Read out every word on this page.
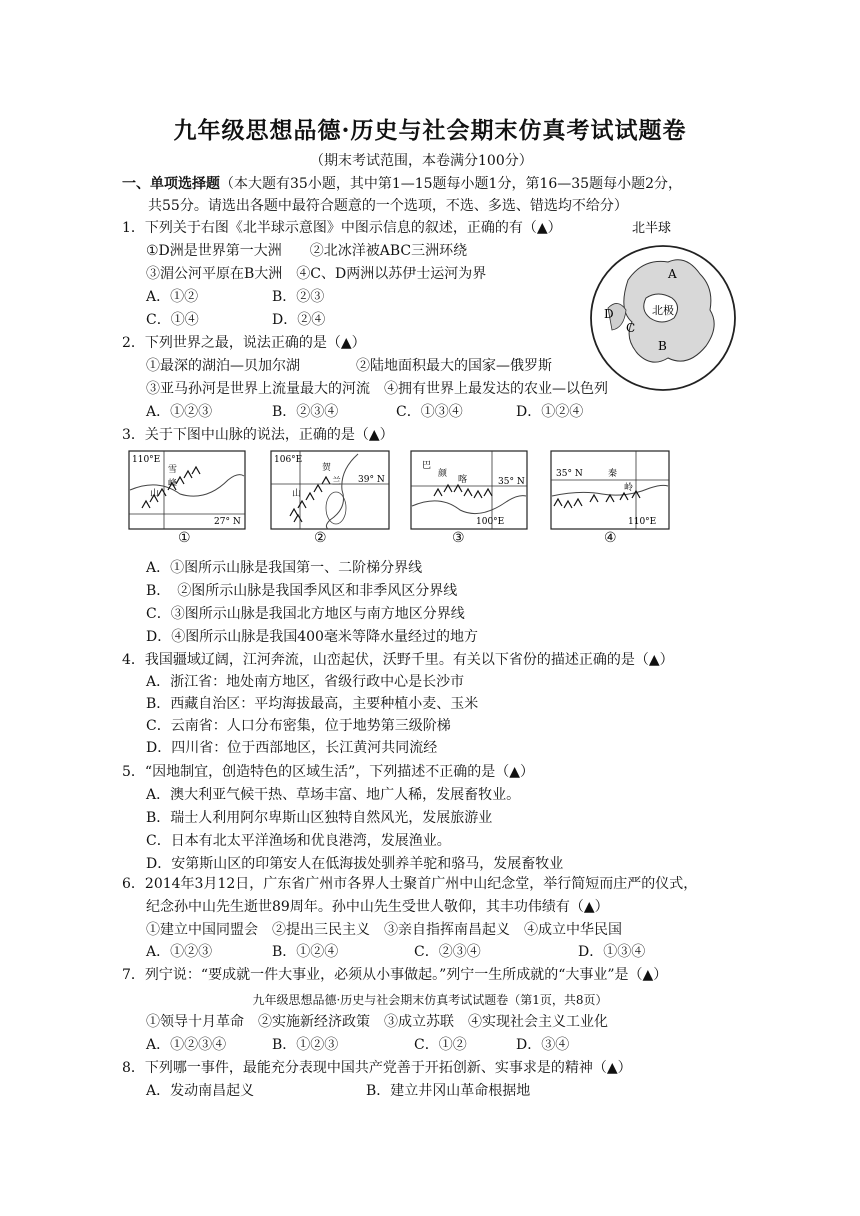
九年级思想品德·历史与社会期末仿真考试试题卷
（期末考试范围，本卷满分100分）
一、单项选择题（本大题有35小题，其中第1—15题每小题1分，第16—35题每小题2分，
共55分。请选出各题中最符合题意的一个选项，不选、多选、错选均不给分）
1．下列关于右图《北半球示意图》中图示信息的叙述，正确的有（▲）
①D洲是世界第一大洲　　②北冰洋被ABC三洲环绕
③湄公河平原在B大洲　④C、D两洲以苏伊士运河为界
A．①②	B．②③
C．①④	D．②④
北半球
A
B
C
D	北极
2．下列世界之最，说法正确的是（▲）
①最深的湖泊—贝加尔湖　　　　②陆地面积最大的国家—俄罗斯
③亚马孙河是世界上流量最大的河流　④拥有世界上最发达的农业—以色列
A．①②③	B．②③④	C．①③④	D．①②④
3．关于下图中山脉的说法，正确的是（▲）
110°E
27° N
雪
峰
山
①
106°E
39° N
贺
兰
山
②
100°E
35° N
巴
颜
喀
③
110°E
35° N	秦
岭
④
A．①图所示山脉是我国第一、二阶梯分界线
B．　②图所示山脉是我国季风区和非季风区分界线
C．③图所示山脉是我国北方地区与南方地区分界线
D．④图所示山脉是我国400毫米等降水量经过的地方
4．我国疆域辽阔，江河奔流，山峦起伏，沃野千里。有关以下省份的描述正确的是（▲）
A．浙江省：地处南方地区，省级行政中心是长沙市
B．西藏自治区：平均海拔最高，主要种植小麦、玉米
C．云南省：人口分布密集，位于地势第三级阶梯
D．四川省：位于西部地区，长江黄河共同流经
5．“因地制宜，创造特色的区域生活”，下列描述不正确的是（▲）
A．澳大利亚气候干热、草场丰富、地广人稀，发展畜牧业。
B．瑞士人利用阿尔卑斯山区独特自然风光，发展旅游业
C．日本有北太平洋渔场和优良港湾，发展渔业。
D．安第斯山区的印第安人在低海拔处驯养羊驼和骆马，发展畜牧业
6．2014年3月12日，广东省广州市各界人士聚首广州中山纪念堂，举行简短而庄严的仪式，
纪念孙中山先生逝世89周年。孙中山先生受世人敬仰，其丰功伟绩有（▲）
①建立中国同盟会　②提出三民主义　③亲自指挥南昌起义　④成立中华民国
A．①②③	B．①②④	C．②③④	D．①③④
7．列宁说：“要成就一件大事业，必须从小事做起。”列宁一生所成就的“大事业”是（▲）
九年级思想品德·历史与社会期末仿真考试试题卷（第1页，共8页）
①领导十月革命　②实施新经济政策　③成立苏联　④实现社会主义工业化
A．①②③④	B．①②③	C．①②	D．③④
8．下列哪一事件，最能充分表现中国共产党善于开拓创新、实事求是的精神（▲）
A．发动南昌起义	B．建立井冈山革命根据地
